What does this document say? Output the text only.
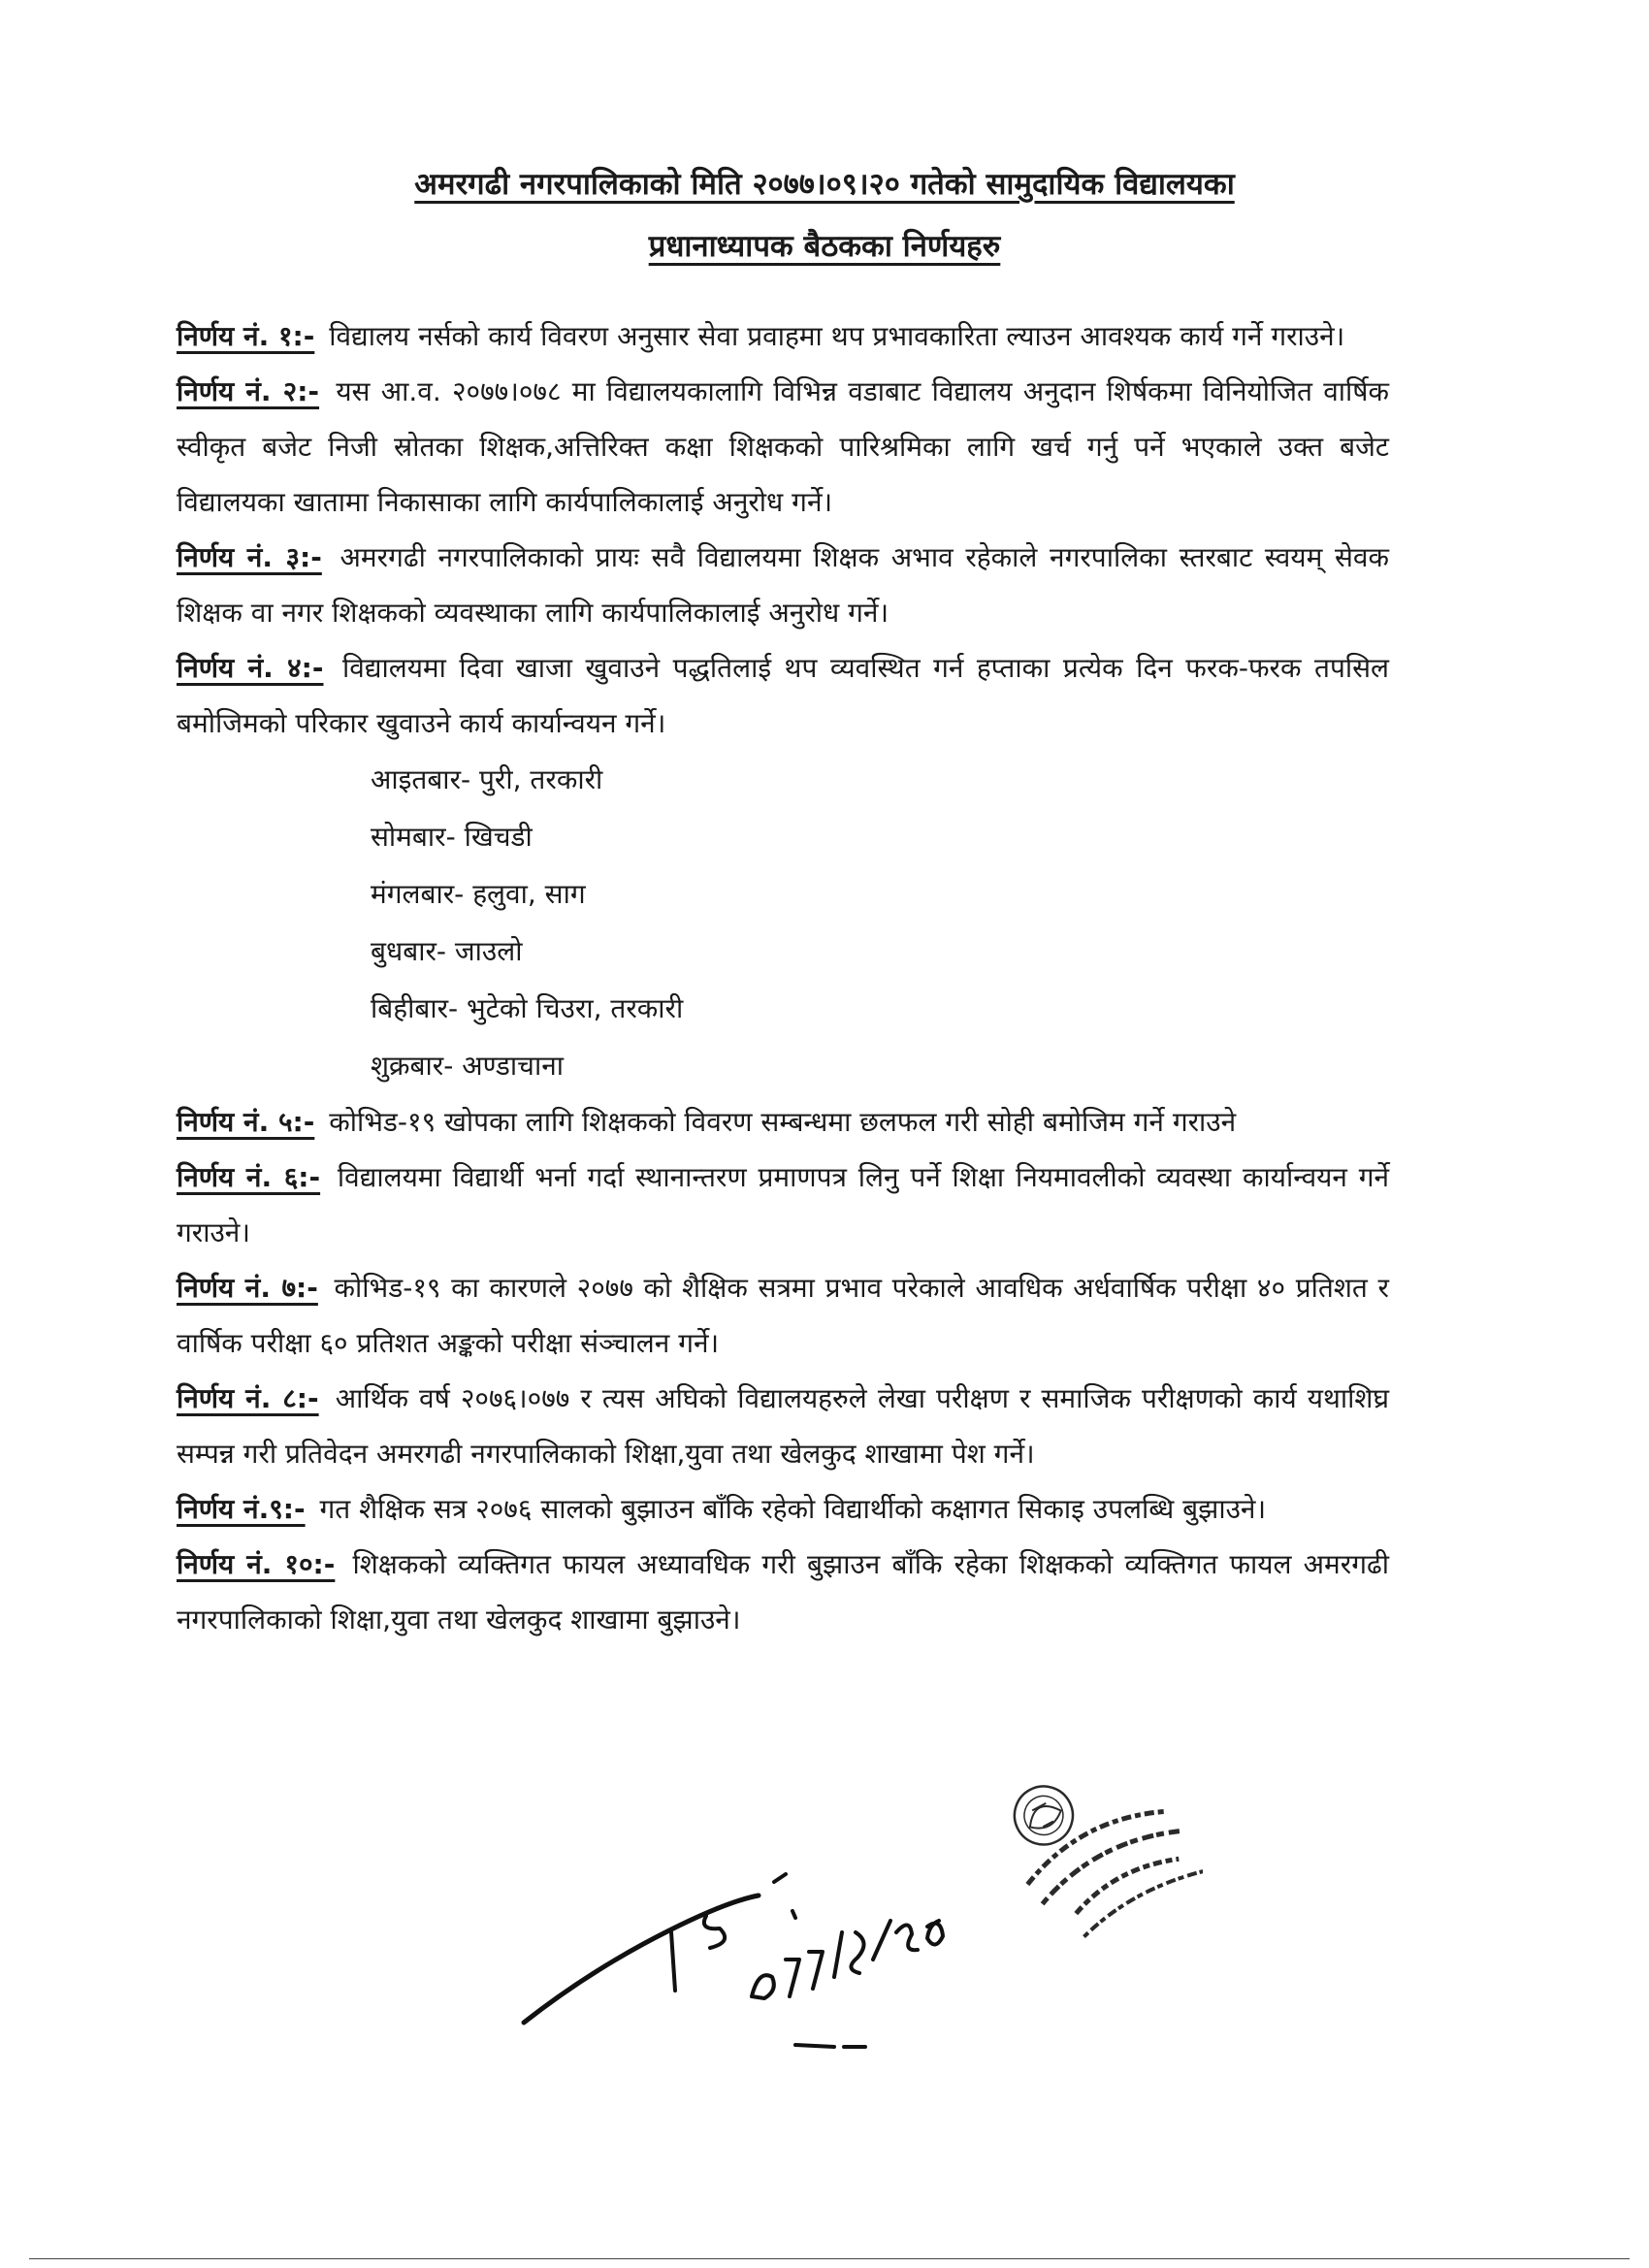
अमरगढी नगरपालिकाको मिति २०७७।०९।२० गतेको सामुदायिक विद्यालयका
प्रधानाध्यापक बैठकका निर्णयहरु

निर्णय नं. १:- विद्यालय नर्सको कार्य विवरण अनुसार सेवा प्रवाहमा थप प्रभावकारिता ल्याउन आवश्यक कार्य गर्ने गराउने।

निर्णय नं. २:- यस आ.व. २०७७।०७८ मा विद्यालयकालागि विभिन्न वडाबाट विद्यालय अनुदान शिर्षकमा विनियोजित वार्षिक स्वीकृत बजेट निजी स्रोतका शिक्षक,अत्तिरिक्त कक्षा शिक्षकको पारिश्रमिका लागि खर्च गर्नु पर्ने भएकाले उक्त बजेट विद्यालयका खातामा निकासाका लागि कार्यपालिकालाई अनुरोध गर्ने।

निर्णय नं. ३:- अमरगढी नगरपालिकाको प्रायः सवै विद्यालयमा शिक्षक अभाव रहेकाले नगरपालिका स्तरबाट स्वयम् सेवक शिक्षक वा नगर शिक्षकको व्यवस्थाका लागि कार्यपालिकालाई अनुरोध गर्ने।

निर्णय नं. ४:- विद्यालयमा दिवा खाजा खुवाउने पद्धतिलाई थप व्यवस्थित गर्न हप्ताका प्रत्येक दिन फरक-फरक तपसिल बमोजिमको परिकार खुवाउने कार्य कार्यान्वयन गर्ने।

आइतबार- पुरी, तरकारी
सोमबार- खिचडी
मंगलबार- हलुवा, साग
बुधबार- जाउलो
बिहीबार- भुटेको चिउरा, तरकारी
शुक्रबार- अण्डाचाना

निर्णय नं. ५:- कोभिड-१९ खोपका लागि शिक्षकको विवरण सम्बन्धमा छलफल गरी सोही बमोजिम गर्ने गराउने

निर्णय नं. ६:- विद्यालयमा विद्यार्थी भर्ना गर्दा स्थानान्तरण प्रमाणपत्र लिनु पर्ने शिक्षा नियमावलीको व्यवस्था कार्यान्वयन गर्ने गराउने।

निर्णय नं. ७:- कोभिड-१९ का कारणले २०७७ को शैक्षिक सत्रमा प्रभाव परेकाले आवधिक अर्धवार्षिक परीक्षा ४० प्रतिशत र वार्षिक परीक्षा ६० प्रतिशत अङ्कको परीक्षा संञ्चालन गर्ने।

निर्णय नं. ८:- आर्थिक वर्ष २०७६।०७७ र त्यस अघिको विद्यालयहरुले लेखा परीक्षण र समाजिक परीक्षणको कार्य यथाशिघ्र सम्पन्न गरी प्रतिवेदन अमरगढी नगरपालिकाको शिक्षा,युवा तथा खेलकुद शाखामा पेश गर्ने।

निर्णय नं.९:- गत शैक्षिक सत्र २०७६ सालको बुझाउन बाँकि रहेको विद्यार्थीको कक्षागत सिकाइ उपलब्धि बुझाउने।

निर्णय नं. १०:- शिक्षकको व्यक्तिगत फायल अध्यावधिक गरी बुझाउन बाँकि रहेका शिक्षकको व्यक्तिगत फायल अमरगढी नगरपालिकाको शिक्षा,युवा तथा खेलकुद शाखामा बुझाउने।
